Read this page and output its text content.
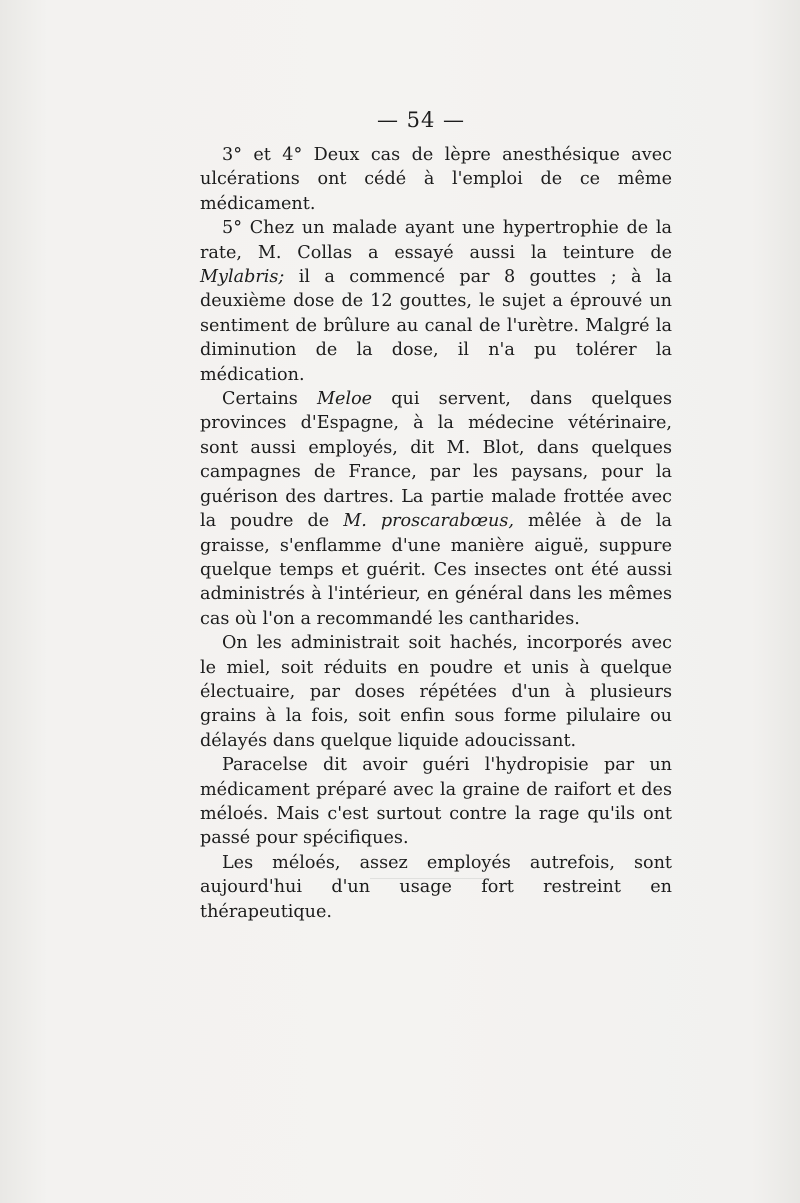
— 54 —

3° et 4° Deux cas de lèpre anesthésique avec ulcérations ont cédé à l'emploi de ce même médicament.

5° Chez un malade ayant une hypertrophie de la rate, M. Collas a essayé aussi la teinture de Mylabris; il a commencé par 8 gouttes ; à la deuxième dose de 12 gouttes, le sujet a éprouvé un sentiment de brûlure au canal de l'urètre. Malgré la diminution de la dose, il n'a pu tolérer la médication.

Certains Meloe qui servent, dans quelques provinces d'Espagne, à la médecine vétérinaire, sont aussi employés, dit M. Blot, dans quelques campagnes de France, par les paysans, pour la guérison des dartres. La partie malade frottée avec la poudre de M. proscarabœus, mêlée à de la graisse, s'enflamme d'une manière aiguë, suppure quelque temps et guérit. Ces insectes ont été aussi administrés à l'intérieur, en général dans les mêmes cas où l'on a recommandé les cantharides.

On les administrait soit hachés, incorporés avec le miel, soit réduits en poudre et unis à quelque électuaire, par doses répétées d'un à plusieurs grains à la fois, soit enfin sous forme pilulaire ou délayés dans quelque liquide adoucissant.

Paracelse dit avoir guéri l'hydropisie par un médicament préparé avec la graine de raifort et des méloés. Mais c'est surtout contre la rage qu'ils ont passé pour spécifiques.

Les méloés, assez employés autrefois, sont aujourd'hui d'un usage fort restreint en thérapeutique.
